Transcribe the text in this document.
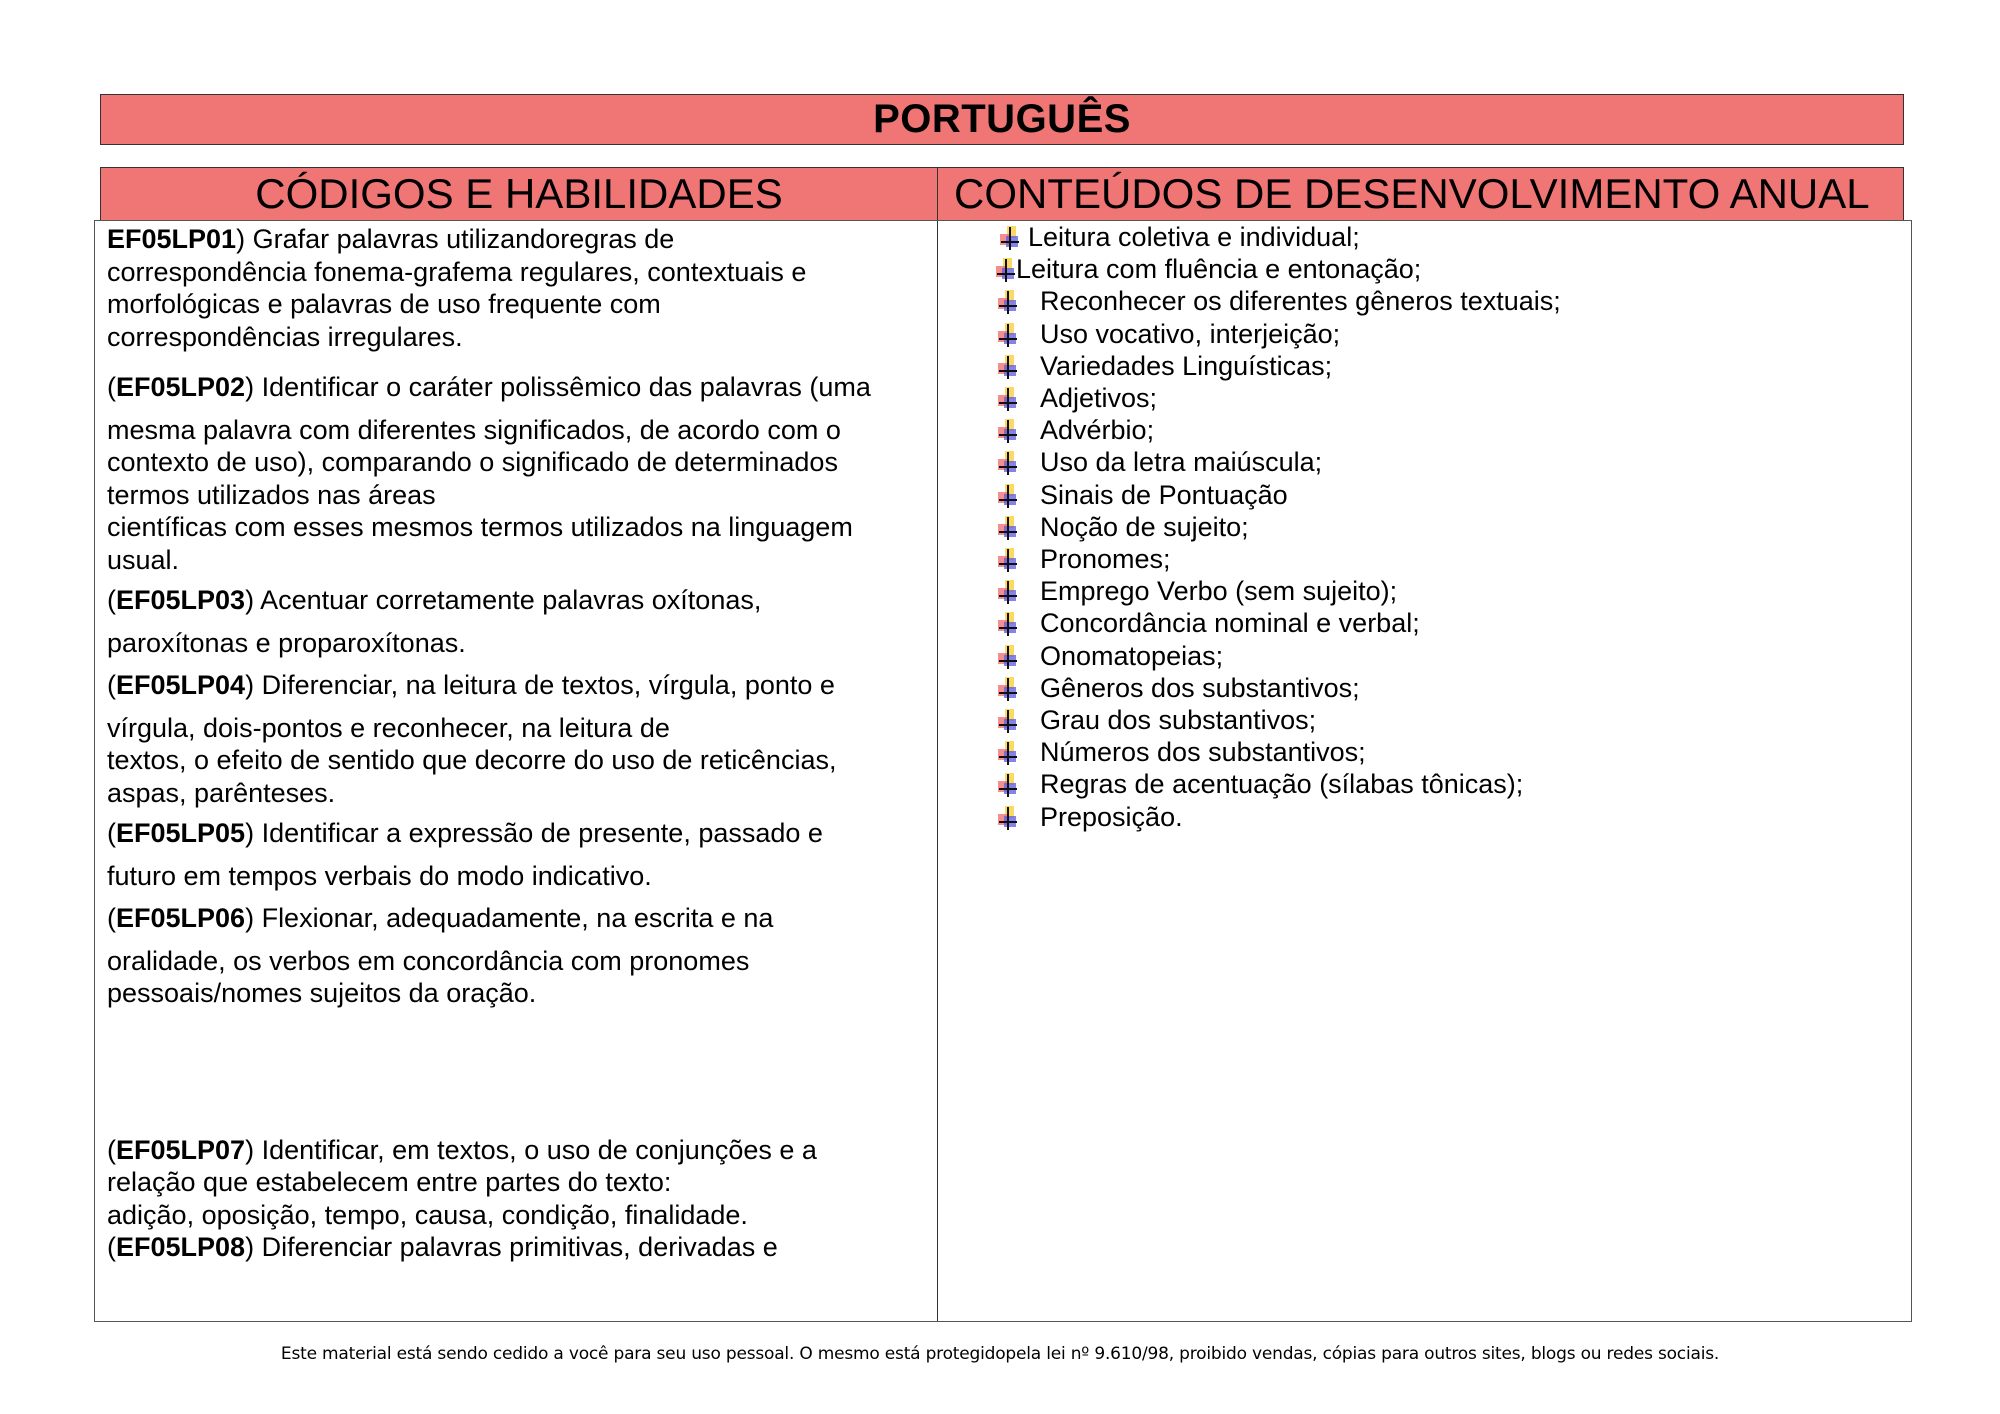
PORTUGUÊS
CÓDIGOS E HABILIDADES	CONTEÚDOS DE DESENVOLVIMENTO ANUAL

EF05LP01) Grafar palavras utilizandoregras de
correspondência fonema-grafema regulares, contextuais e
morfológicas e palavras de uso frequente com
correspondências irregulares.

(EF05LP02) Identificar o caráter polissêmico das palavras (uma
mesma palavra com diferentes significados, de acordo com o
contexto de uso), comparando o significado de determinados
termos utilizados nas áreas
científicas com esses mesmos termos utilizados na linguagem
usual.

(EF05LP03) Acentuar corretamente palavras oxítonas,
paroxítonas e proparoxítonas.

(EF05LP04) Diferenciar, na leitura de textos, vírgula, ponto e
vírgula, dois-pontos e reconhecer, na leitura de
textos, o efeito de sentido que decorre do uso de reticências,
aspas, parênteses.

(EF05LP05) Identificar a expressão de presente, passado e
futuro em tempos verbais do modo indicativo.

(EF05LP06) Flexionar, adequadamente, na escrita e na
oralidade, os verbos em concordância com pronomes
pessoais/nomes sujeitos da oração.

(EF05LP07) Identificar, em textos, o uso de conjunções e a
relação que estabelecem entre partes do texto:
adição, oposição, tempo, causa, condição, finalidade.

(EF05LP08) Diferenciar palavras primitivas, derivadas e

Leitura coletiva e individual;
Leitura com fluência e entonação;
Reconhecer os diferentes gêneros textuais;
Uso vocativo, interjeição;
Variedades Linguísticas;
Adjetivos;
Advérbio;
Uso da letra maiúscula;
Sinais de Pontuação
Noção de sujeito;
Pronomes;
Emprego Verbo (sem sujeito);
Concordância nominal e verbal;
Onomatopeias;
Gêneros dos substantivos;
Grau dos substantivos;
Números dos substantivos;
Regras de acentuação (sílabas tônicas);
Preposição.
Este material está sendo cedido a você para seu uso pessoal. O mesmo está protegidopela lei nº 9.610/98, proibido vendas, cópias para outros sites, blogs ou redes sociais.
